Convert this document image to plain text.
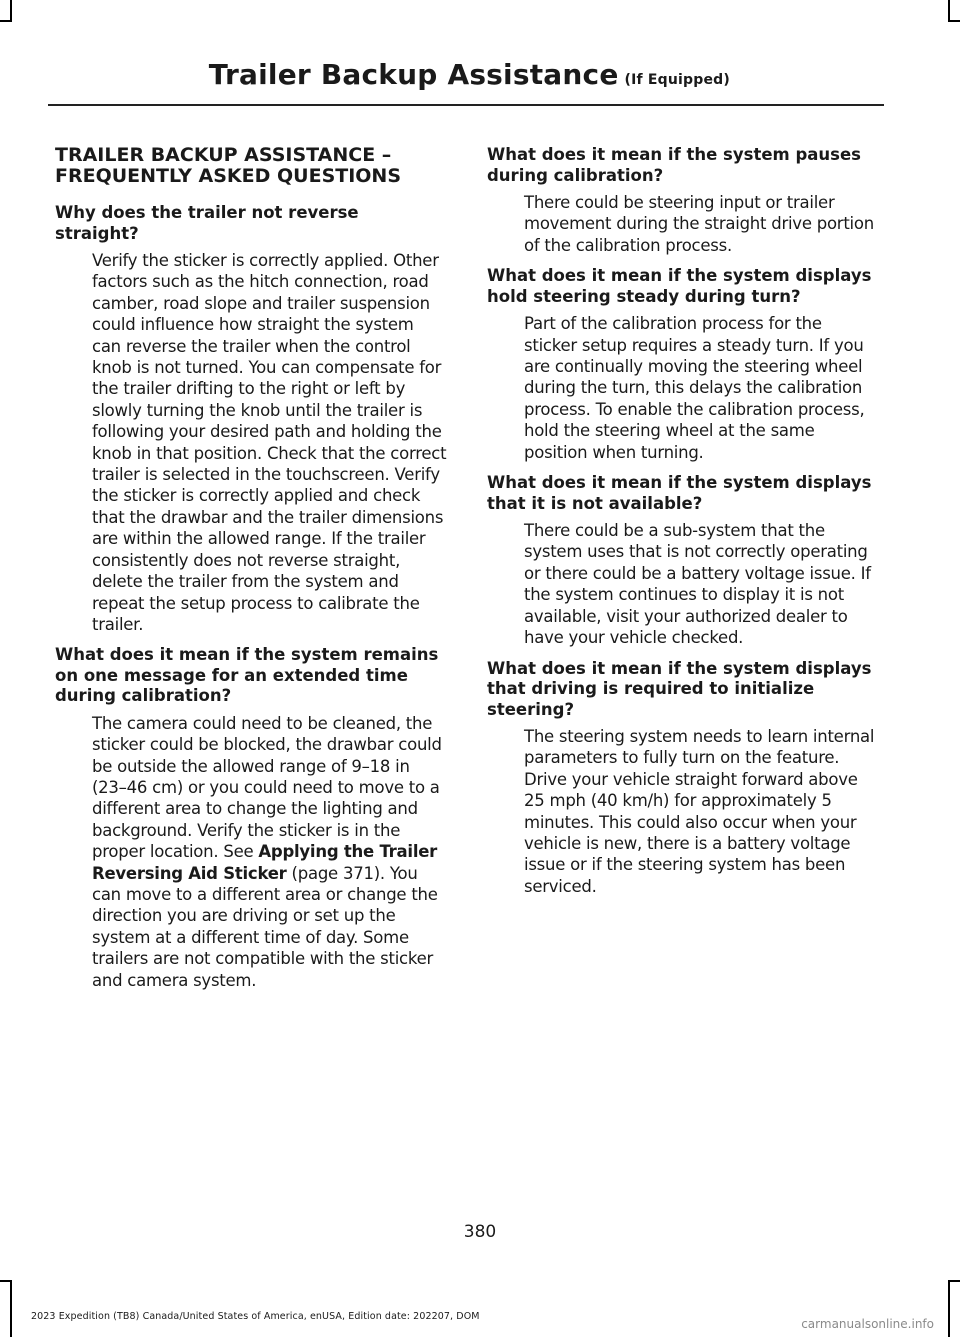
Trailer Backup Assistance (If Equipped)
TRAILER BACKUP ASSISTANCE – FREQUENTLY ASKED QUESTIONS
Why does the trailer not reverse straight?
Verify the sticker is correctly applied. Other factors such as the hitch connection, road camber, road slope and trailer suspension could influence how straight the system can reverse the trailer when the control knob is not turned. You can compensate for the trailer drifting to the right or left by slowly turning the knob until the trailer is following your desired path and holding the knob in that position. Check that the correct trailer is selected in the touchscreen. Verify the sticker is correctly applied and check that the drawbar and the trailer dimensions are within the allowed range. If the trailer consistently does not reverse straight, delete the trailer from the system and repeat the setup process to calibrate the trailer.
What does it mean if the system remains on one message for an extended time during calibration?
The camera could need to be cleaned, the sticker could be blocked, the drawbar could be outside the allowed range of 9–18 in (23–46 cm) or you could need to move to a different area to change the lighting and background. Verify the sticker is in the proper location. See Applying the Trailer Reversing Aid Sticker (page 371). You can move to a different area or change the direction you are driving or set up the system at a different time of day. Some trailers are not compatible with the sticker and camera system.
What does it mean if the system pauses during calibration?
There could be steering input or trailer movement during the straight drive portion of the calibration process.
What does it mean if the system displays hold steering steady during turn?
Part of the calibration process for the sticker setup requires a steady turn. If you are continually moving the steering wheel during the turn, this delays the calibration process. To enable the calibration process, hold the steering wheel at the same position when turning.
What does it mean if the system displays that it is not available?
There could be a sub-system that the system uses that is not correctly operating or there could be a battery voltage issue. If the system continues to display it is not available, visit your authorized dealer to have your vehicle checked.
What does it mean if the system displays that driving is required to initialize steering?
The steering system needs to learn internal parameters to fully turn on the feature. Drive your vehicle straight forward above 25 mph (40 km/h) for approximately 5 minutes. This could also occur when your vehicle is new, there is a battery voltage issue or if the steering system has been serviced.
380
2023 Expedition (TB8) Canada/United States of America, enUSA, Edition date: 202207, DOM
carmanualsonline.info
